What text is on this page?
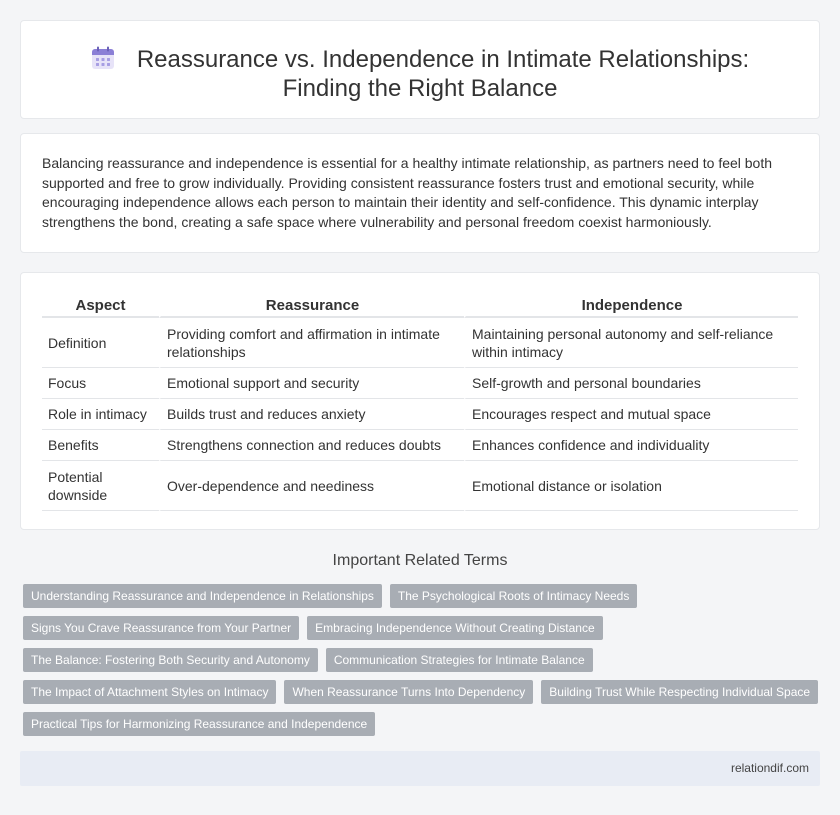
Reassurance vs. Independence in Intimate Relationships: Finding the Right Balance

Balancing reassurance and independence is essential for a healthy intimate relationship, as partners need to feel both supported and free to grow individually. Providing consistent reassurance fosters trust and emotional security, while encouraging independence allows each person to maintain their identity and self-confidence. This dynamic interplay strengthens the bond, creating a safe space where vulnerability and personal freedom coexist harmoniously.

Aspect	Reassurance	Independence
Definition	Providing comfort and affirmation in intimate relationships	Maintaining personal autonomy and self-reliance within intimacy
Focus	Emotional support and security	Self-growth and personal boundaries
Role in intimacy	Builds trust and reduces anxiety	Encourages respect and mutual space
Benefits	Strengthens connection and reduces doubts	Enhances confidence and individuality
Potential downside	Over-dependence and neediness	Emotional distance or isolation
Important Related Terms
Understanding Reassurance and Independence in Relationships	The Psychological Roots of Intimacy Needs
Signs You Crave Reassurance from Your Partner	Embracing Independence Without Creating Distance
The Balance: Fostering Both Security and Autonomy	Communication Strategies for Intimate Balance
The Impact of Attachment Styles on Intimacy	When Reassurance Turns Into Dependency	Building Trust While Respecting Individual Space
Practical Tips for Harmonizing Reassurance and Independence
relationdif.com
